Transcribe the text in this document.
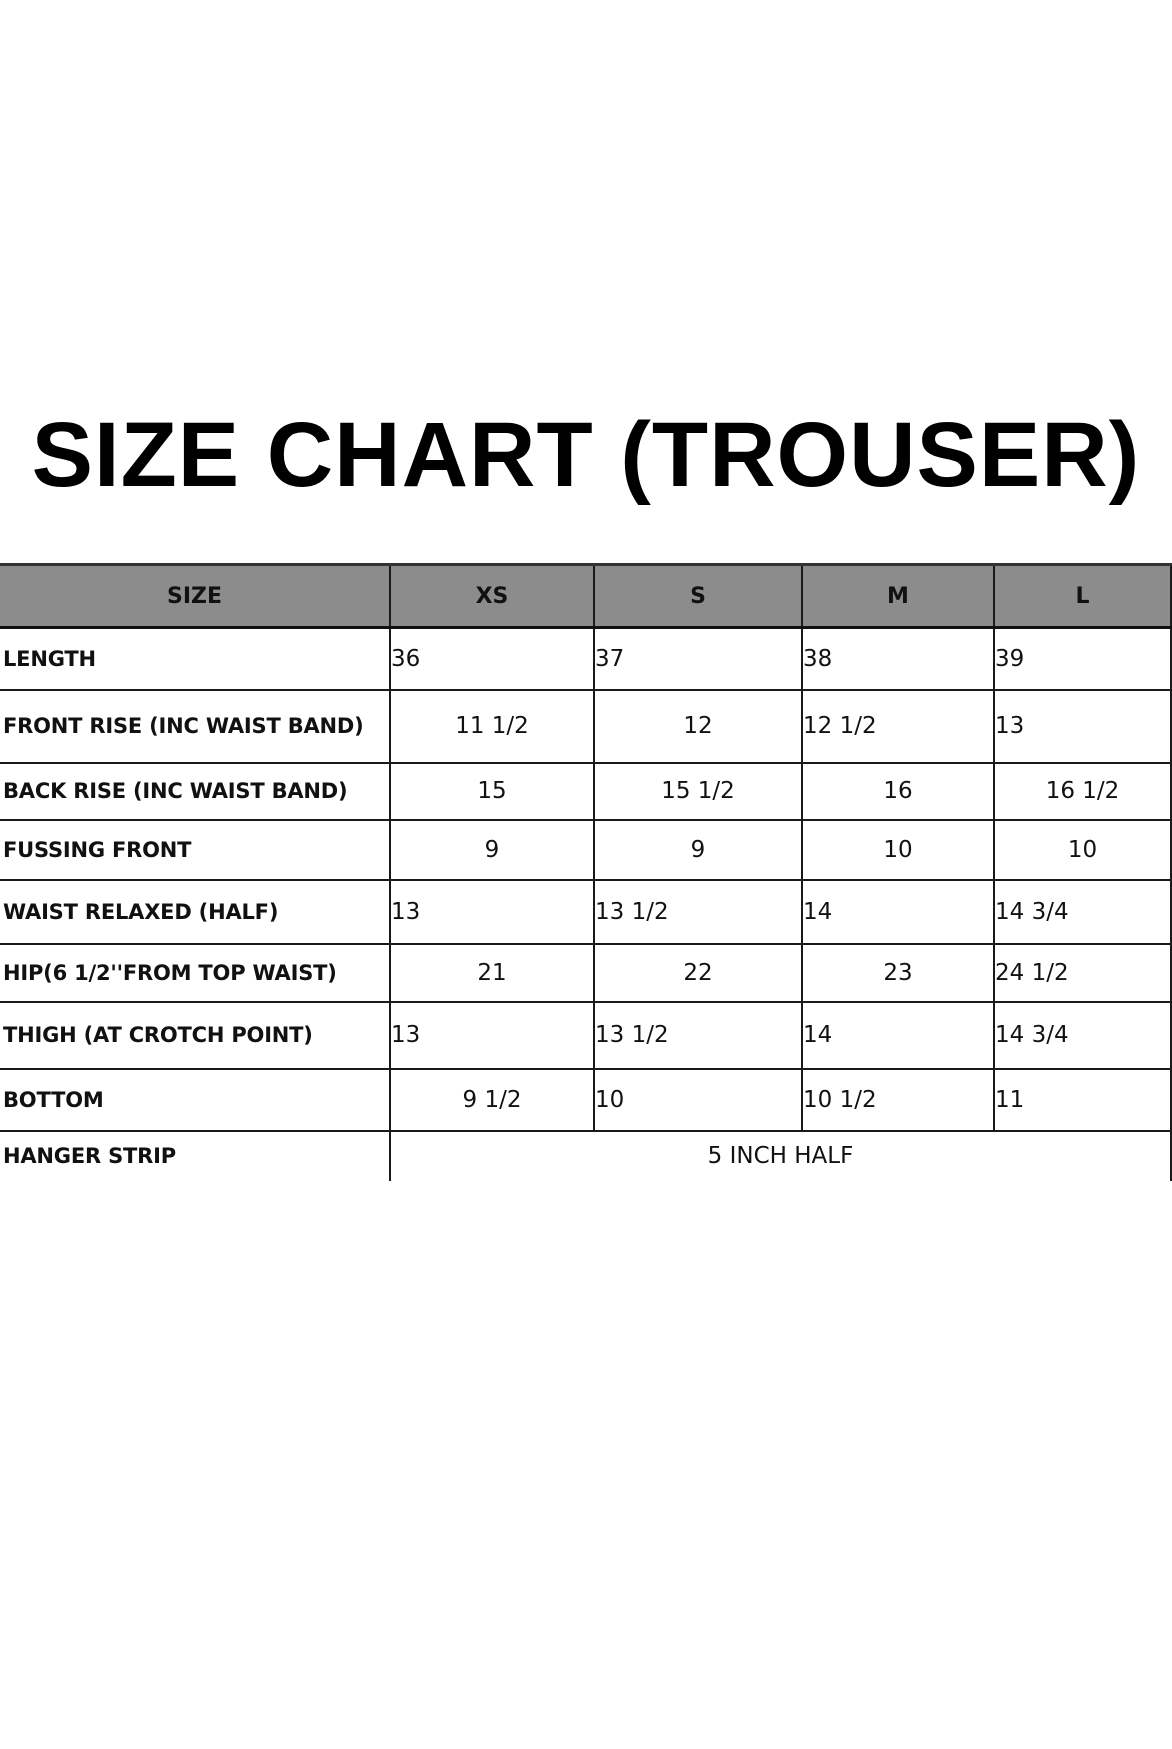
SIZE CHART (TROUSER)
SIZE	XS	S	M	L
LENGTH	36	37	38	39
FRONT RISE (INC WAIST BAND)	11 1/2	12	12 1/2	13
BACK RISE (INC WAIST BAND)	15	15 1/2	16	16 1/2
FUSSING FRONT	9	9	10	10
WAIST RELAXED (HALF)	13	13 1/2	14	14 3/4
HIP(6 1/2''FROM TOP WAIST)	21	22	23	24 1/2
THIGH (AT CROTCH POINT)	13	13 1/2	14	14 3/4
BOTTOM	9 1/2	10	10 1/2	11
HANGER STRIP	5 INCH HALF			
